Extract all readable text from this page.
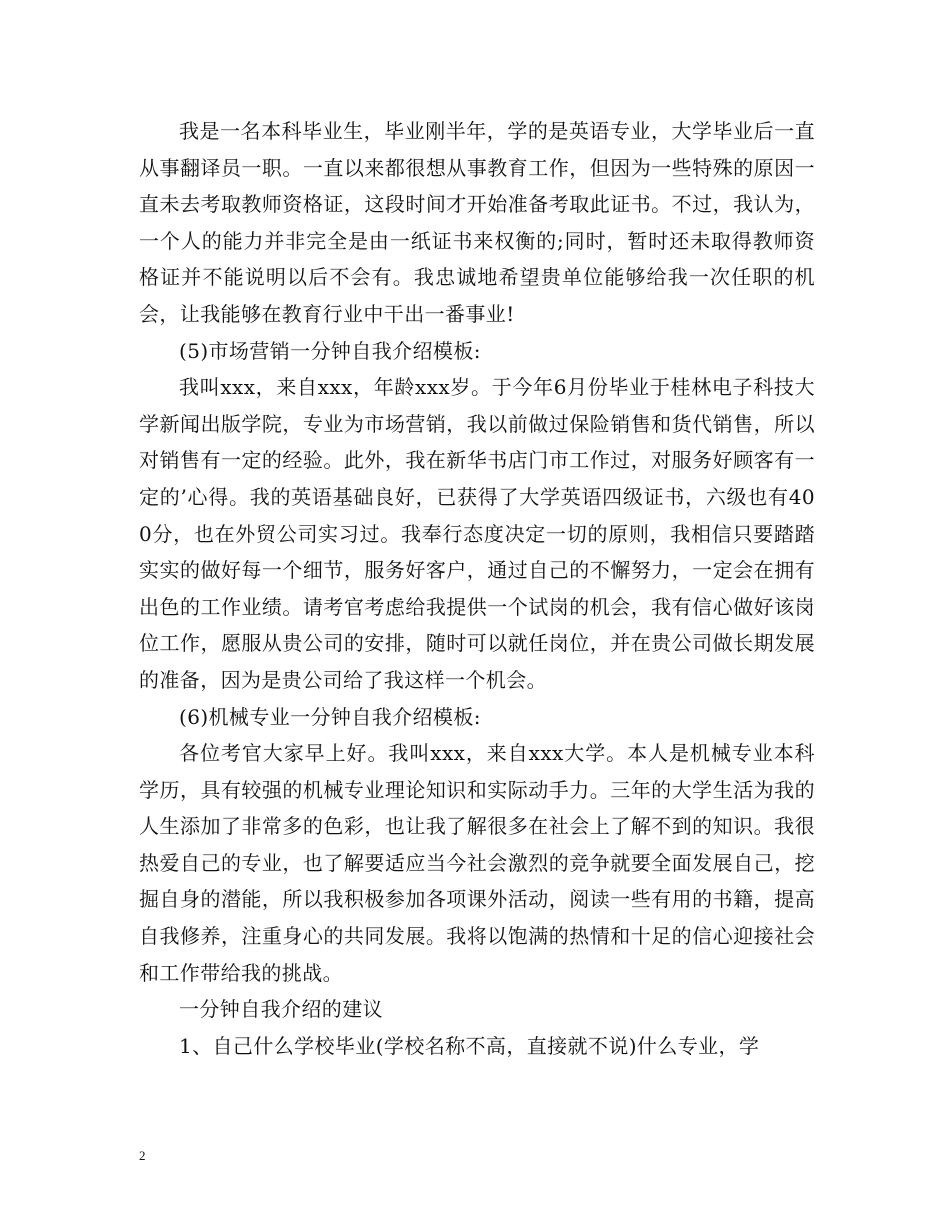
我是一名本科毕业生，毕业刚半年，学的是英语专业，大学毕业后一直从事翻译员一职。一直以来都很想从事教育工作，但因为一些特殊的原因一直未去考取教师资格证，这段时间才开始准备考取此证书。不过，我认为，一个人的能力并非完全是由一纸证书来权衡的;同时，暂时还未取得教师资格证并不能说明以后不会有。我忠诚地希望贵单位能够给我一次任职的机会，让我能够在教育行业中干出一番事业!

(5)市场营销一分钟自我介绍模板:

我叫xxx，来自xxx，年龄xxx岁。于今年6月份毕业于桂林电子科技大学新闻出版学院，专业为市场营销，我以前做过保险销售和货代销售，所以对销售有一定的经验。此外，我在新华书店门市工作过，对服务好顾客有一定的’心得。我的英语基础良好，已获得了大学英语四级证书，六级也有400分，也在外贸公司实习过。我奉行态度决定一切的原则，我相信只要踏踏实实的做好每一个细节，服务好客户，通过自己的不懈努力，一定会在拥有出色的工作业绩。请考官考虑给我提供一个试岗的机会，我有信心做好该岗位工作，愿服从贵公司的安排，随时可以就任岗位，并在贵公司做长期发展的准备，因为是贵公司给了我这样一个机会。

(6)机械专业一分钟自我介绍模板:

各位考官大家早上好。我叫xxx，来自xxx大学。本人是机械专业本科学历，具有较强的机械专业理论知识和实际动手力。三年的大学生活为我的人生添加了非常多的色彩，也让我了解很多在社会上了解不到的知识。我很热爱自己的专业，也了解要适应当今社会激烈的竞争就要全面发展自己，挖掘自身的潜能，所以我积极参加各项课外活动，阅读一些有用的书籍，提高自我修养，注重身心的共同发展。我将以饱满的热情和十足的信心迎接社会和工作带给我的挑战。

一分钟自我介绍的建议

1、自己什么学校毕业(学校名称不高，直接就不说)什么专业，学

2
